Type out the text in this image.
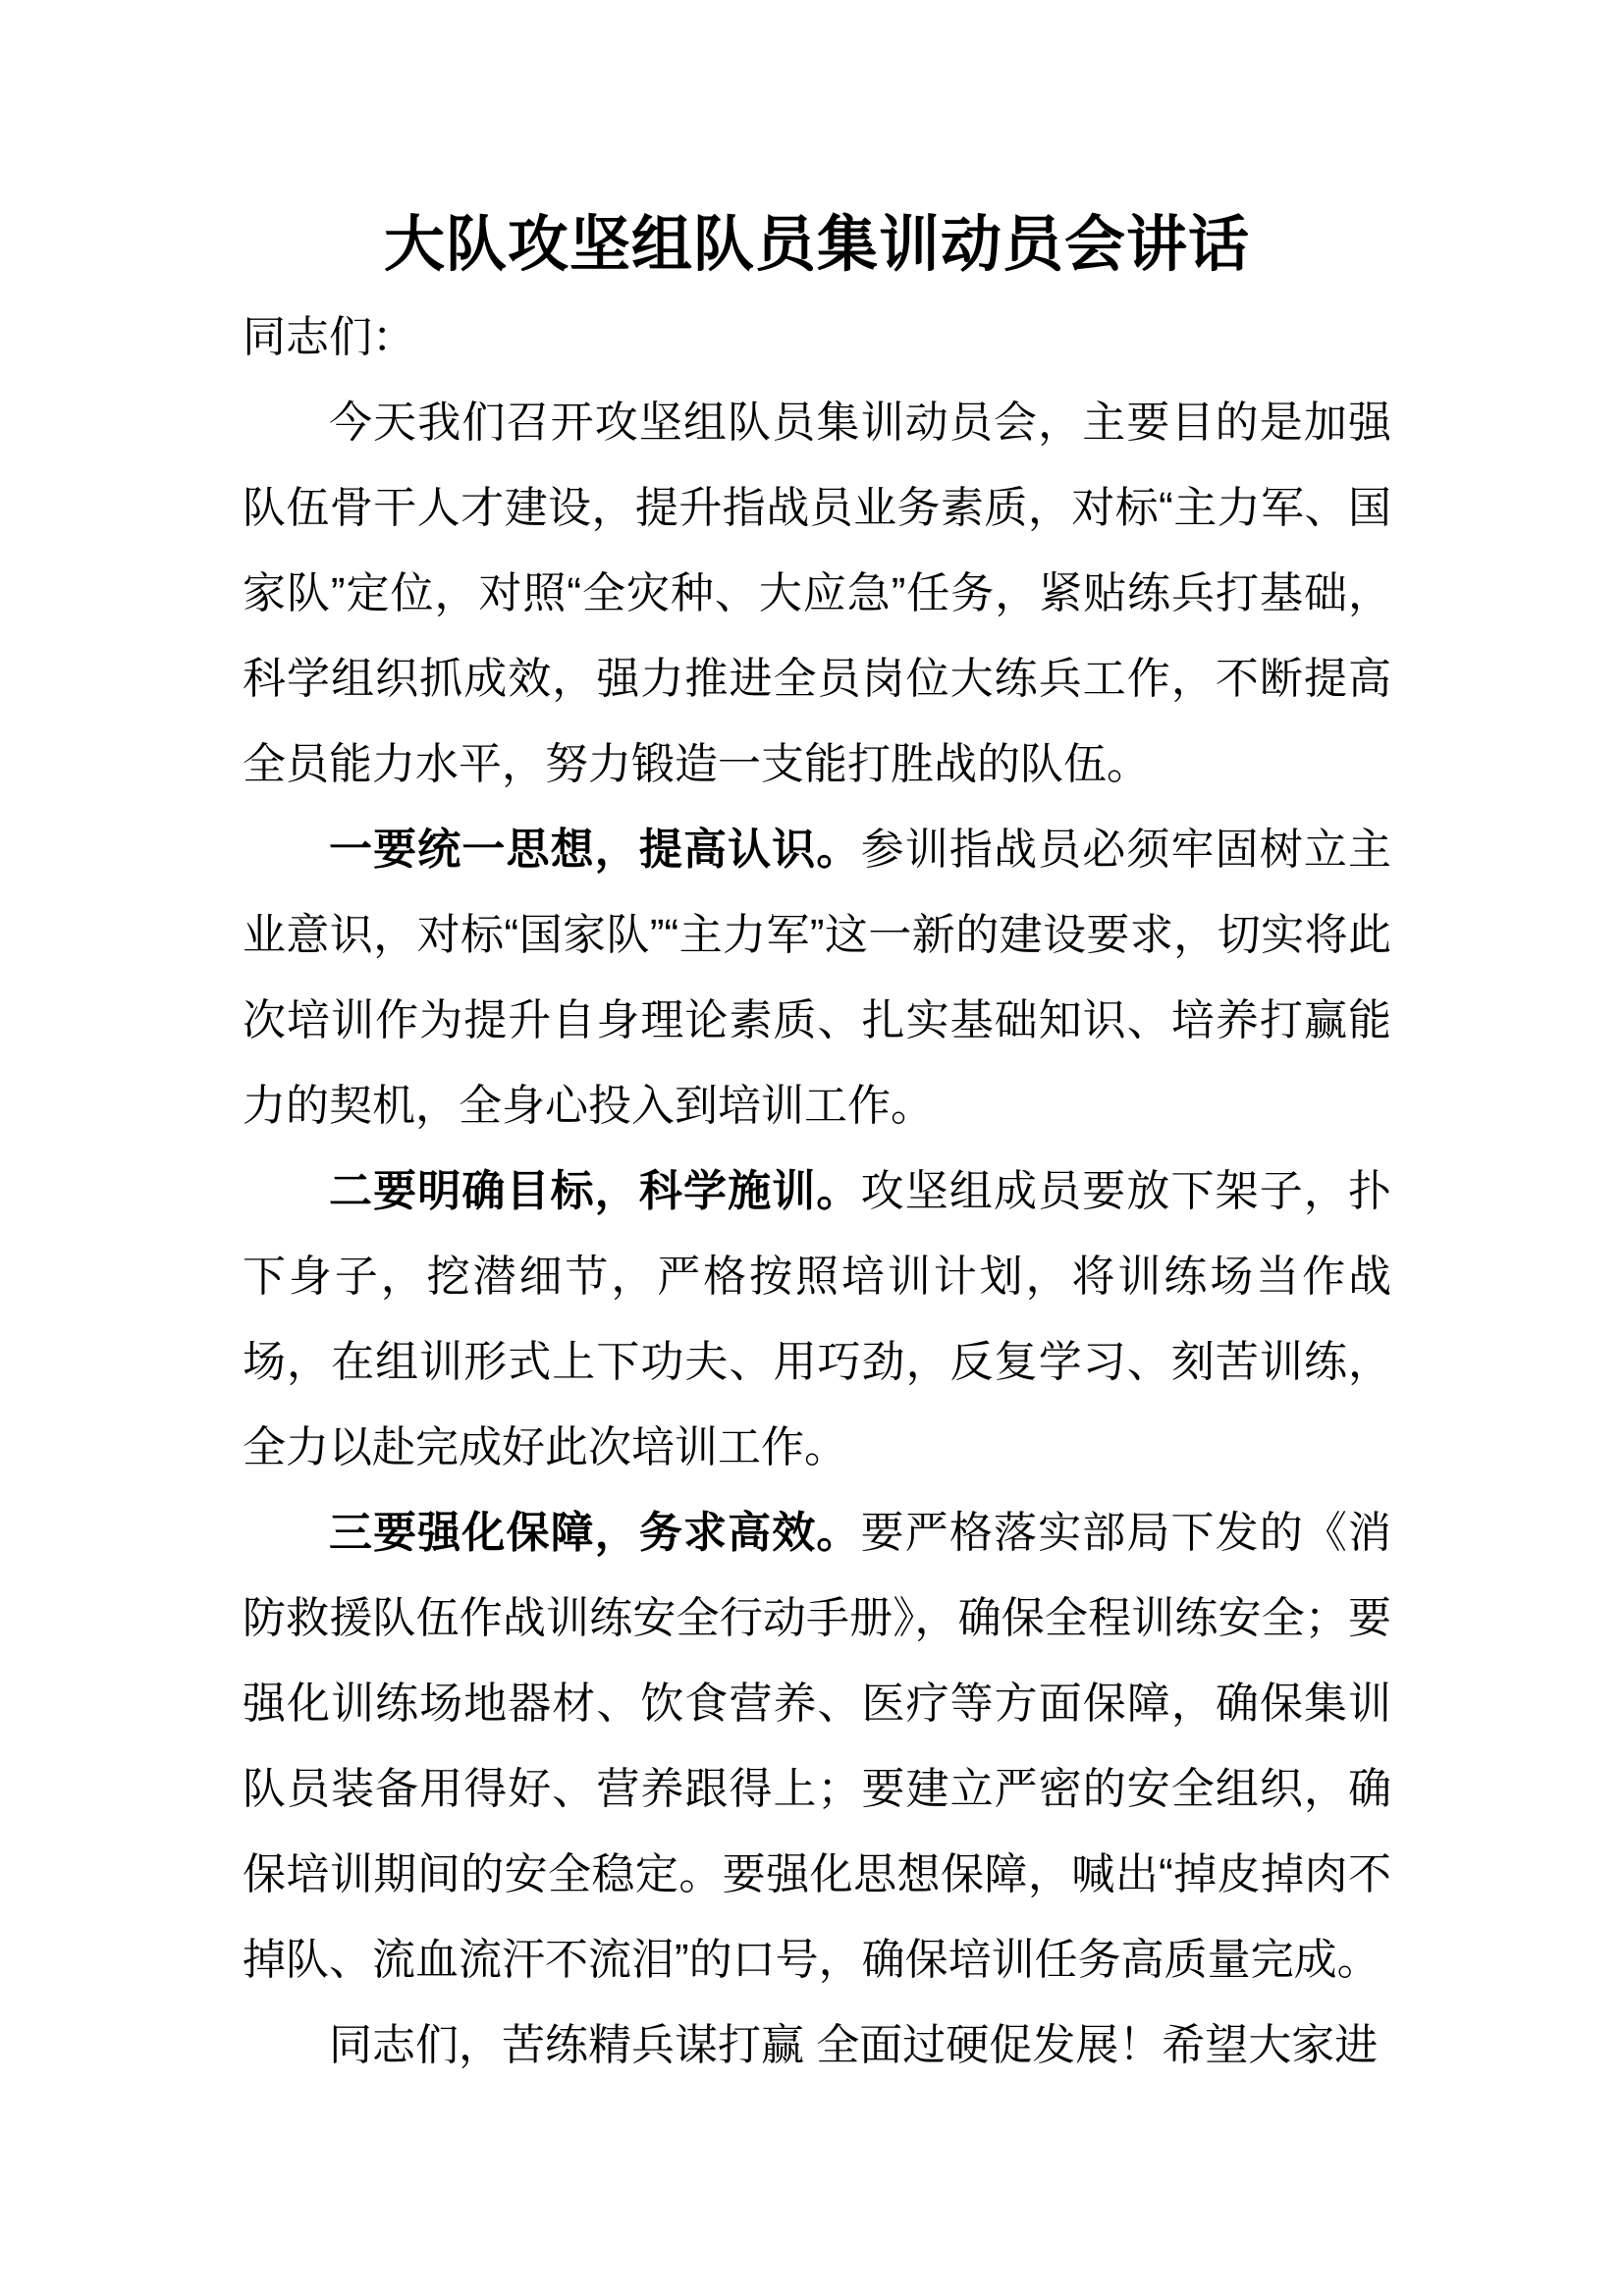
大队攻坚组队员集训动员会讲话

同志们：

今天我们召开攻坚组队员集训动员会，主要目的是加强队伍骨干人才建设，提升指战员业务素质，对标“主力军、国家队”定位，对照“全灾种、大应急”任务，紧贴练兵打基础，科学组织抓成效，强力推进全员岗位大练兵工作，不断提高全员能力水平，努力锻造一支能打胜战的队伍。

一要统一思想，提高认识。参训指战员必须牢固树立主业意识，对标“国家队”“主力军”这一新的建设要求，切实将此次培训作为提升自身理论素质、扎实基础知识、培养打赢能力的契机，全身心投入到培训工作。

二要明确目标，科学施训。攻坚组成员要放下架子，扑下身子，挖潜细节，严格按照培训计划，将训练场当作战场，在组训形式上下功夫、用巧劲，反复学习、刻苦训练，全力以赴完成好此次培训工作。

三要强化保障，务求高效。要严格落实部局下发的《消防救援队伍作战训练安全行动手册》，确保全程训练安全；要强化训练场地器材、饮食营养、医疗等方面保障，确保集训队员装备用得好、营养跟得上；要建立严密的安全组织，确保培训期间的安全稳定。要强化思想保障，喊出“掉皮掉肉不掉队、流血流汗不流泪”的口号，确保培训任务高质量完成。

同志们，苦练精兵谋打赢 全面过硬促发展！希望大家进
